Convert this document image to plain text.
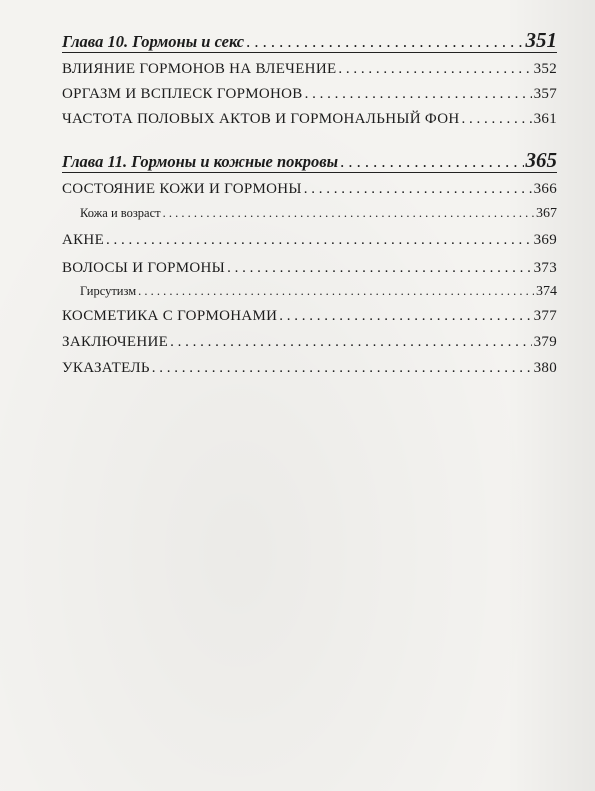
Глава 10. Гормоны и секс . . .	351
ВЛИЯНИЕ ГОРМОНОВ НА ВЛЕЧЕНИЕ . . .	352
ОРГАЗМ И ВСПЛЕСК ГОРМОНОВ . . .	357
ЧАСТОТА ПОЛОВЫХ АКТОВ И ГОРМОНАЛЬНЫЙ ФОН . . .	361
Глава 11. Гормоны и кожные покровы . . .	365
СОСТОЯНИЕ КОЖИ И ГОРМОНЫ . . .	366
Кожа и возраст . . .	367
АКНЕ . . .	369
ВОЛОСЫ И ГОРМОНЫ . . .	373
Гирсутизм . . .	374
КОСМЕТИКА С ГОРМОНАМИ . . .	377
ЗАКЛЮЧЕНИЕ . . .	379
УКАЗАТЕЛЬ . . .	380
